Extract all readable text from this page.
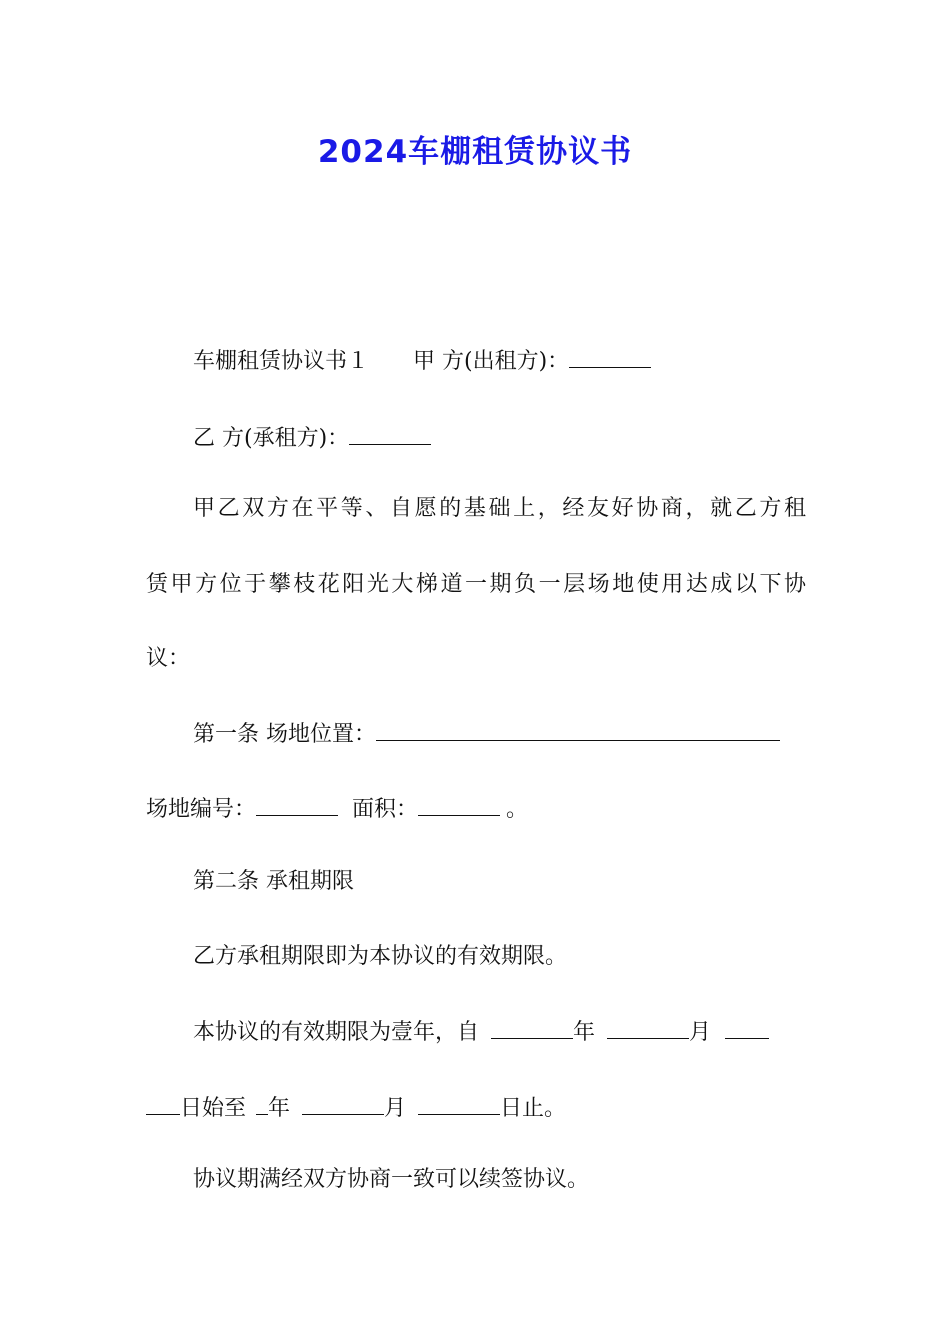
2024车棚租赁协议书
车棚租赁协议书１ 甲 方(出租方)：
乙 方(承租方)：
甲乙双方在平等、自愿的基础上，经友好协商，就乙方租
赁甲方位于攀枝花阳光大梯道一期负一层场地使用达成以下协
议：
第一条 场地位置：
场地编号：	面积：	。
第二条 承租期限
乙方承租期限即为本协议的有效期限。
本协议的有效期限为壹年，自	年	月
日始至 年	月	日止。
协议期满经双方协商一致可以续签协议。
